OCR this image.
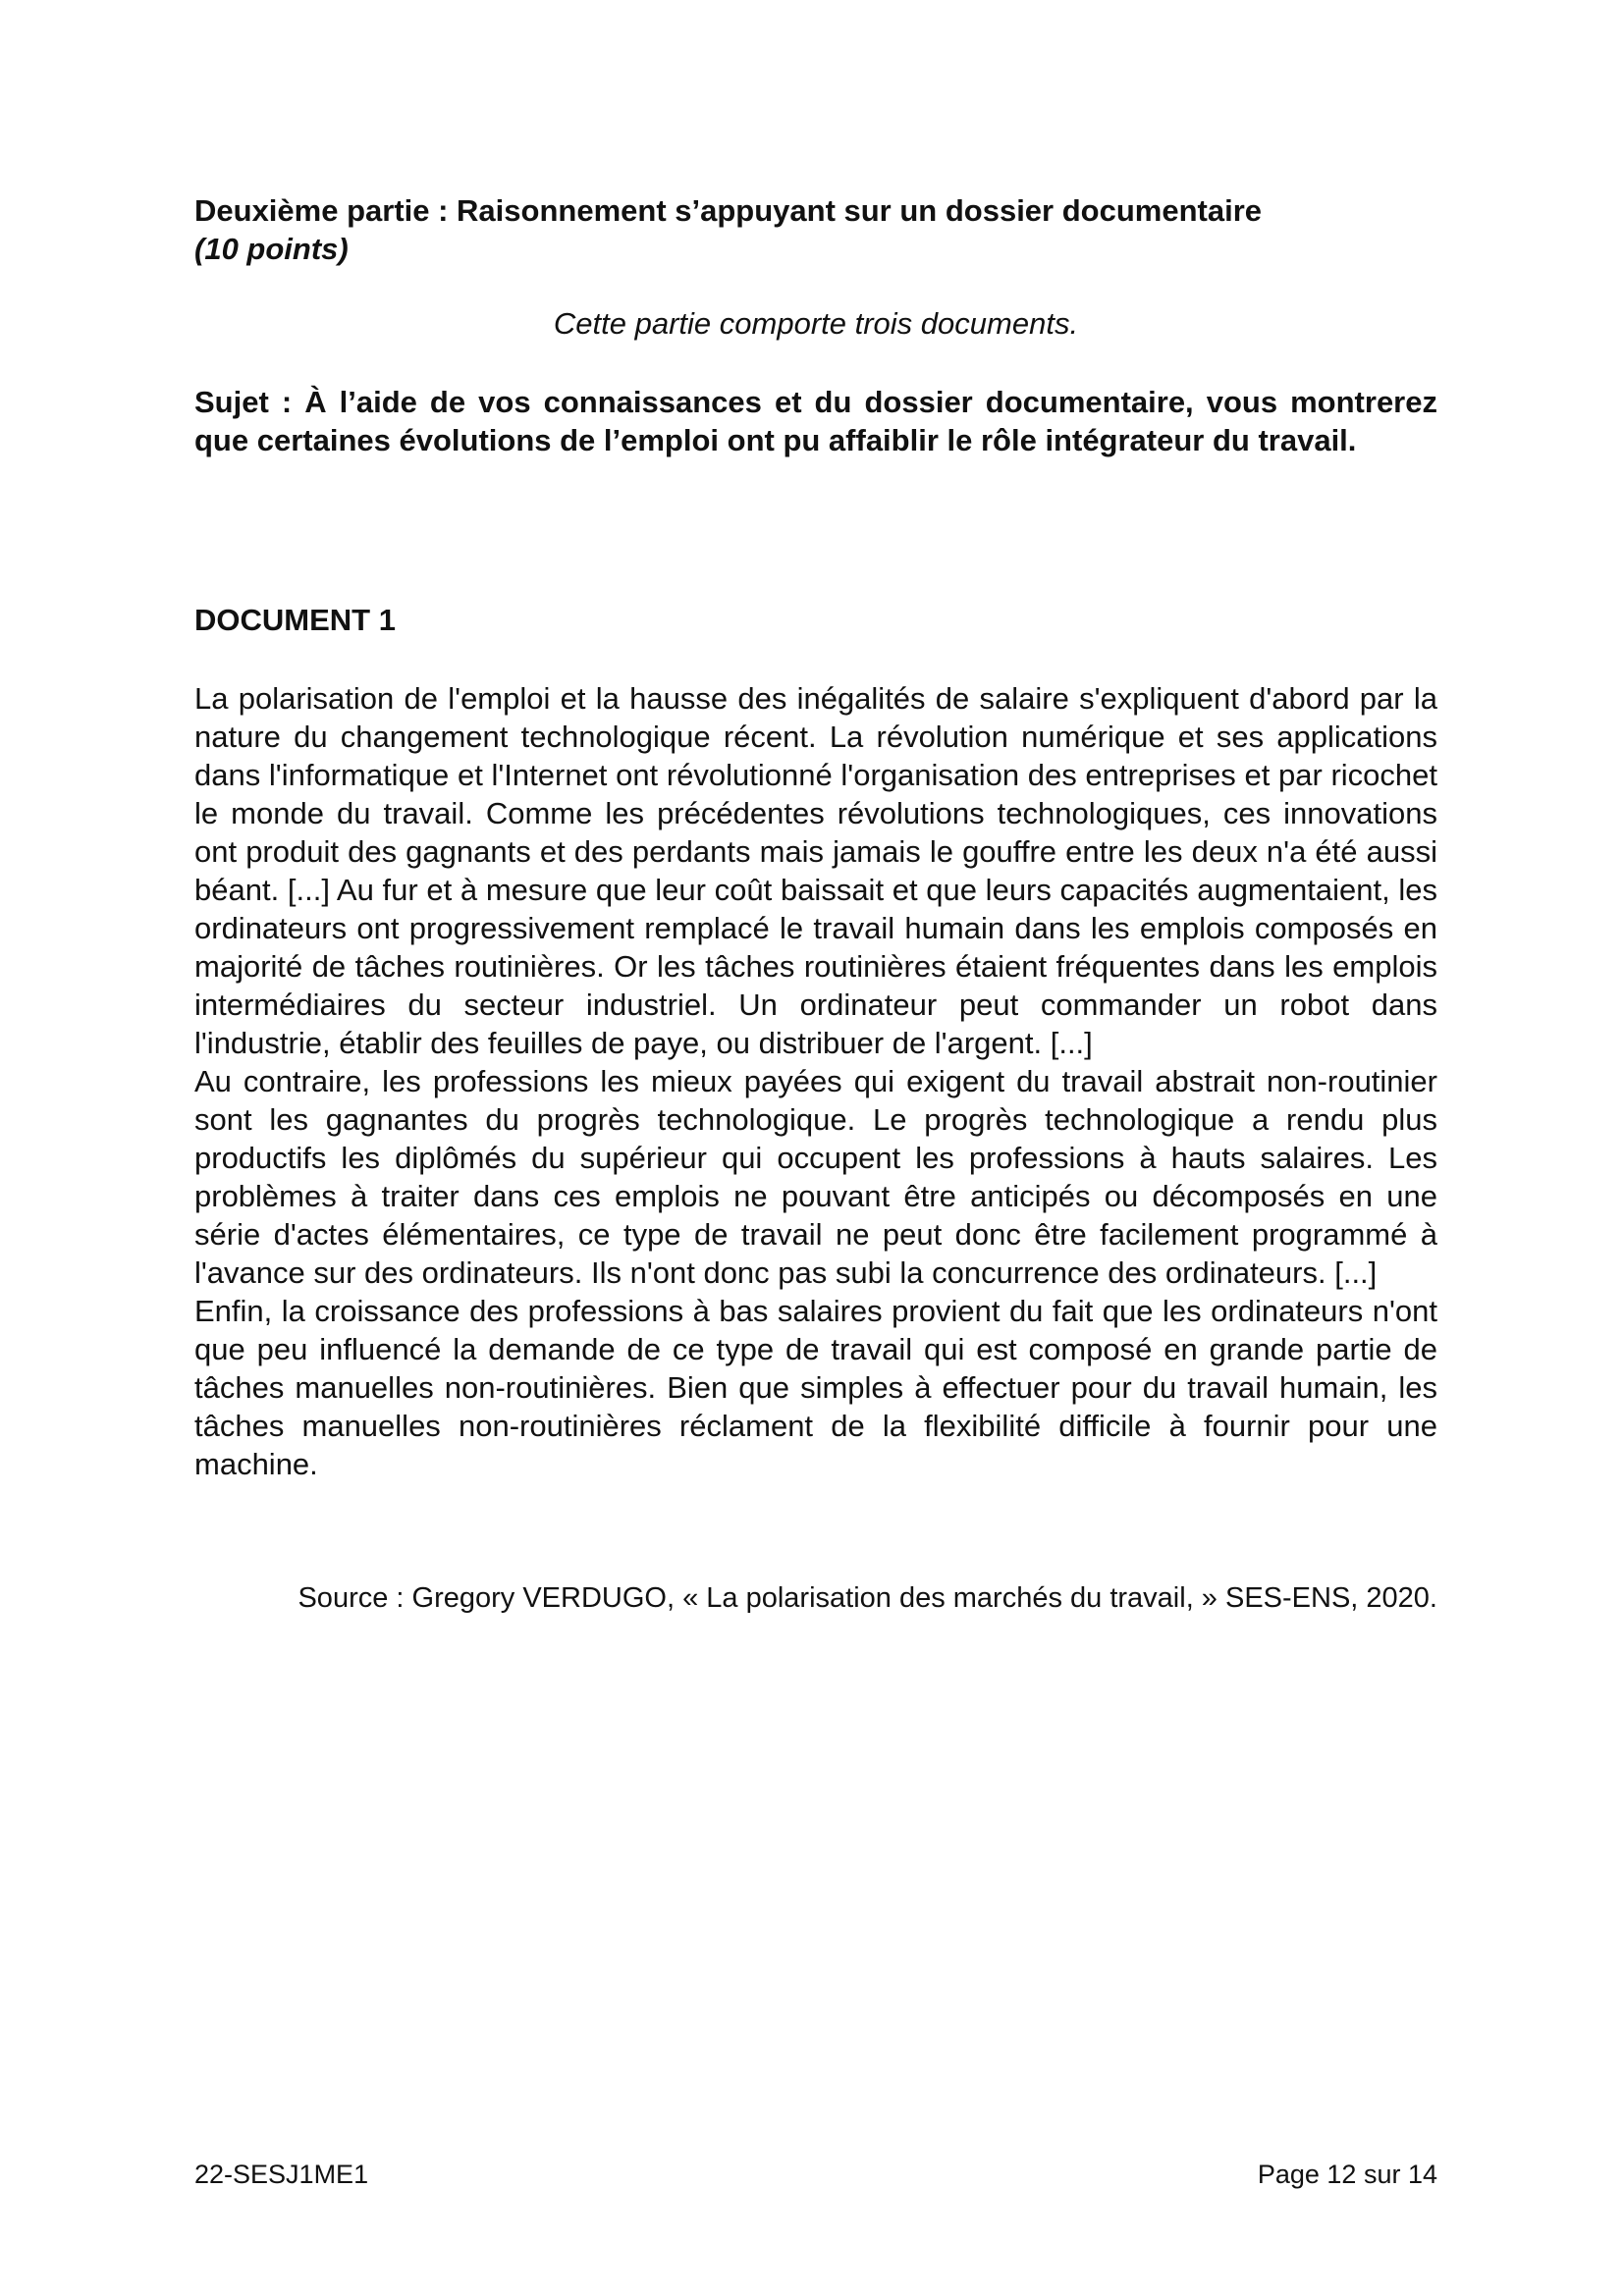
Deuxième partie : Raisonnement s’appuyant sur un dossier documentaire
(10 points)
Cette partie comporte trois documents.
Sujet : À l’aide de vos connaissances et du dossier documentaire, vous montrerez que certaines évolutions de l’emploi ont pu affaiblir le rôle intégrateur du travail.
DOCUMENT 1

La polarisation de l'emploi et la hausse des inégalités de salaire s'expliquent d'abord par la nature du changement technologique récent. La révolution numérique et ses applications dans l'informatique et l'Internet ont révolutionné l'organisation des entreprises et par ricochet le monde du travail. Comme les précédentes révolutions technologiques, ces innovations ont produit des gagnants et des perdants mais jamais le gouffre entre les deux n'a été aussi béant. [...] Au fur et à mesure que leur coût baissait et que leurs capacités augmentaient, les ordinateurs ont progressivement remplacé le travail humain dans les emplois composés en majorité de tâches routinières. Or les tâches routinières étaient fréquentes dans les emplois intermédiaires du secteur industriel. Un ordinateur peut commander un robot dans l'industrie, établir des feuilles de paye, ou distribuer de l'argent. [...]

Au contraire, les professions les mieux payées qui exigent du travail abstrait non-routinier sont les gagnantes du progrès technologique. Le progrès technologique a rendu plus productifs les diplômés du supérieur qui occupent les professions à hauts salaires. Les problèmes à traiter dans ces emplois ne pouvant être anticipés ou décomposés en une série d'actes élémentaires, ce type de travail ne peut donc être facilement programmé à l'avance sur des ordinateurs. Ils n'ont donc pas subi la concurrence des ordinateurs. [...]

Enfin, la croissance des professions à bas salaires provient du fait que les ordinateurs n'ont que peu influencé la demande de ce type de travail qui est composé en grande partie de tâches manuelles non-routinières. Bien que simples à effectuer pour du travail humain, les tâches manuelles non-routinières réclament de la flexibilité difficile à fournir pour une machine.

Source : Gregory VERDUGO, « La polarisation des marchés du travail, » SES-ENS, 2020.
22-SESJ1ME1	Page 12 sur 14
